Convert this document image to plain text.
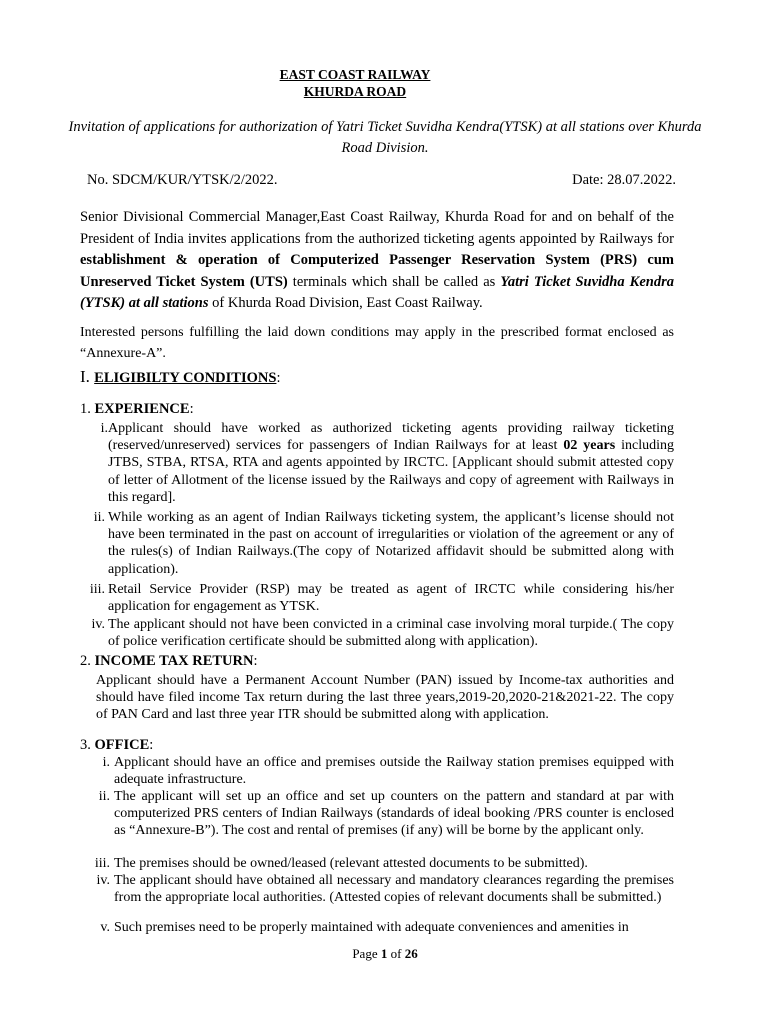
EAST COAST RAILWAY
KHURDA ROAD
Invitation of applications for authorization of Yatri Ticket Suvidha Kendra(YTSK) at all stations over Khurda Road Division.
No. SDCM/KUR/YTSK/2/2022.	Date: 28.07.2022.
Senior Divisional Commercial Manager,East Coast Railway, Khurda Road for and on behalf of the President of India invites applications from the authorized ticketing agents appointed by Railways for establishment & operation of Computerized Passenger Reservation System (PRS) cum Unreserved Ticket System (UTS) terminals which shall be called as Yatri Ticket Suvidha Kendra (YTSK) at all stations of Khurda Road Division, East Coast Railway.
Interested persons fulfilling the laid down conditions may apply in the prescribed format enclosed as “Annexure-A”.
I. ELIGIBILTY CONDITIONS:
1. EXPERIENCE:
i. Applicant should have worked as authorized ticketing agents providing railway ticketing (reserved/unreserved) services for passengers of Indian Railways for at least 02 years including JTBS, STBA, RTSA, RTA and agents appointed by IRCTC. [Applicant should submit attested copy of letter of Allotment of the license issued by the Railways and copy of agreement with Railways in this regard].
ii. While working as an agent of Indian Railways ticketing system, the applicant’s license should not have been terminated in the past on account of irregularities or violation of the agreement or any of the rules(s) of Indian Railways.(The copy of Notarized affidavit should be submitted along with application).
iii. Retail Service Provider (RSP) may be treated as agent of IRCTC while considering his/her application for engagement as YTSK.
iv. The applicant should not have been convicted in a criminal case involving moral turpide.( The copy of police verification certificate should be submitted along with application).
2. INCOME TAX RETURN:
Applicant should have a Permanent Account Number (PAN) issued by Income-tax authorities and should have filed income Tax return during the last three years,2019-20,2020-21&2021-22. The copy of PAN Card and last three year ITR should be submitted along with application.
3. OFFICE:
i. Applicant should have an office and premises outside the Railway station premises equipped with adequate infrastructure.
ii. The applicant will set up an office and set up counters on the pattern and standard at par with computerized PRS centers of Indian Railways (standards of ideal booking /PRS counter is enclosed as “Annexure-B”). The cost and rental of premises (if any) will be borne by the applicant only.
iii. The premises should be owned/leased (relevant attested documents to be submitted).
iv. The applicant should have obtained all necessary and mandatory clearances regarding the premises from the appropriate local authorities. (Attested copies of relevant documents shall be submitted.)
v. Such premises need to be properly maintained with adequate conveniences and amenities in
Page 1 of 26
